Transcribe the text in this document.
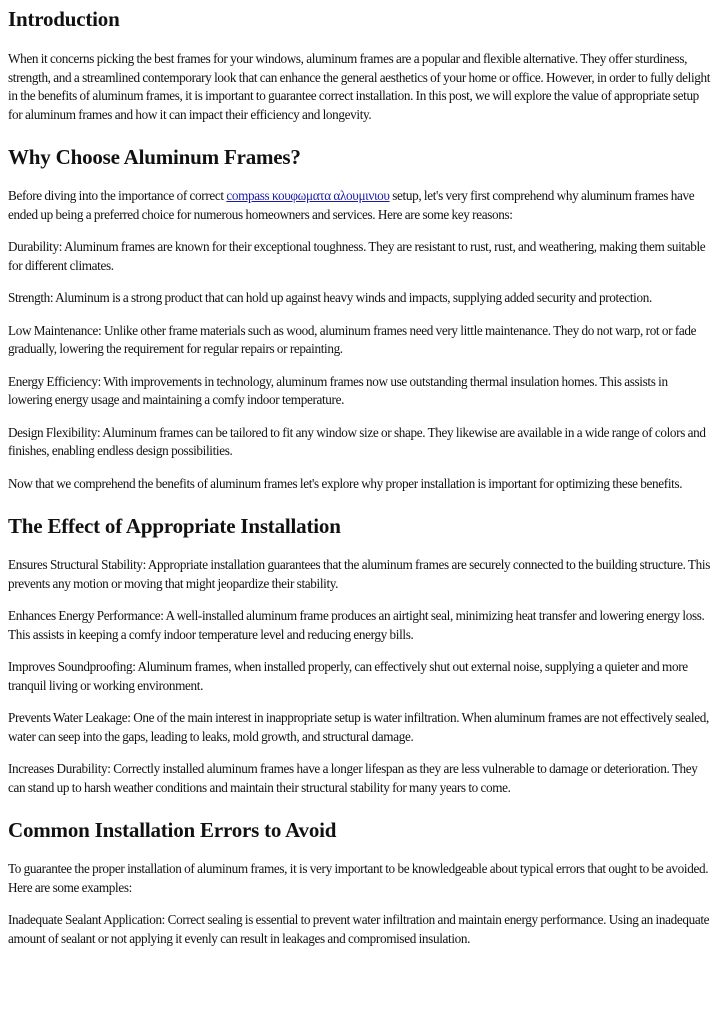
Introduction

When it concerns picking the best frames for your windows, aluminum frames are a popular and flexible alternative. They offer sturdiness, strength, and a streamlined contemporary look that can enhance the general aesthetics of your home or office. However, in order to fully delight in the benefits of aluminum frames, it is important to guarantee correct installation. In this post, we will explore the value of appropriate setup for aluminum frames and how it can impact their efficiency and longevity.

Why Choose Aluminum Frames?

Before diving into the importance of correct compass κουφωματα αλουμινιου setup, let's very first comprehend why aluminum frames have ended up being a preferred choice for numerous homeowners and services. Here are some key reasons:

Durability: Aluminum frames are known for their exceptional toughness. They are resistant to rust, rust, and weathering, making them suitable for different climates.

Strength: Aluminum is a strong product that can hold up against heavy winds and impacts, supplying added security and protection.

Low Maintenance: Unlike other frame materials such as wood, aluminum frames need very little maintenance. They do not warp, rot or fade gradually, lowering the requirement for regular repairs or repainting.

Energy Efficiency: With improvements in technology, aluminum frames now use outstanding thermal insulation homes. This assists in lowering energy usage and maintaining a comfy indoor temperature.

Design Flexibility: Aluminum frames can be tailored to fit any window size or shape. They likewise are available in a wide range of colors and finishes, enabling endless design possibilities.

Now that we comprehend the benefits of aluminum frames let's explore why proper installation is important for optimizing these benefits.

The Effect of Appropriate Installation

Ensures Structural Stability: Appropriate installation guarantees that the aluminum frames are securely connected to the building structure. This prevents any motion or moving that might jeopardize their stability.

Enhances Energy Performance: A well-installed aluminum frame produces an airtight seal, minimizing heat transfer and lowering energy loss. This assists in keeping a comfy indoor temperature level and reducing energy bills.

Improves Soundproofing: Aluminum frames, when installed properly, can effectively shut out external noise, supplying a quieter and more tranquil living or working environment.

Prevents Water Leakage: One of the main interest in inappropriate setup is water infiltration. When aluminum frames are not effectively sealed, water can seep into the gaps, leading to leaks, mold growth, and structural damage.

Increases Durability: Correctly installed aluminum frames have a longer lifespan as they are less vulnerable to damage or deterioration. They can stand up to harsh weather conditions and maintain their structural stability for many years to come.

Common Installation Errors to Avoid

To guarantee the proper installation of aluminum frames, it is very important to be knowledgeable about typical errors that ought to be avoided. Here are some examples:

Inadequate Sealant Application: Correct sealing is essential to prevent water infiltration and maintain energy performance. Using an inadequate amount of sealant or not applying it evenly can result in leakages and compromised insulation.
